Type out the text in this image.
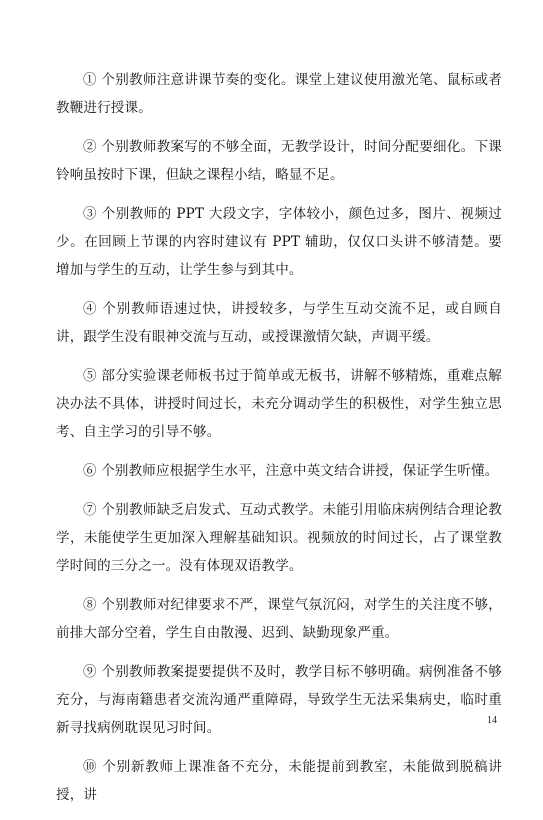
① 个别教师注意讲课节奏的变化。课堂上建议使用激光笔、鼠标或者教鞭进行授课。

② 个别教师教案写的不够全面，无教学设计，时间分配要细化。下课铃响虽按时下课，但缺之课程小结，略显不足。

③ 个别教师的 PPT 大段文字，字体较小，颜色过多，图片、视频过少。在回顾上节课的内容时建议有 PPT 辅助，仅仅口头讲不够清楚。要增加与学生的互动，让学生参与到其中。

④ 个别教师语速过快，讲授较多，与学生互动交流不足，或自顾自讲，跟学生没有眼神交流与互动，或授课激情欠缺，声调平缓。

⑤ 部分实验课老师板书过于简单或无板书，讲解不够精炼，重难点解决办法不具体，讲授时间过长，未充分调动学生的积极性，对学生独立思考、自主学习的引导不够。

⑥ 个别教师应根据学生水平，注意中英文结合讲授，保证学生听懂。

⑦ 个别教师缺乏启发式、互动式教学。未能引用临床病例结合理论教学，未能使学生更加深入理解基础知识。视频放的时间过长，占了课堂教学时间的三分之一。没有体现双语教学。

⑧ 个别教师对纪律要求不严，课堂气氛沉闷，对学生的关注度不够，前排大部分空着，学生自由散漫、迟到、缺勤现象严重。

⑨ 个别教师教案提要提供不及时，教学目标不够明确。病例准备不够充分，与海南籍患者交流沟通严重障碍，导致学生无法采集病史，临时重新寻找病例耽误见习时间。

⑩ 个别新教师上课准备不充分，未能提前到教室，未能做到脱稿讲授，讲

14
